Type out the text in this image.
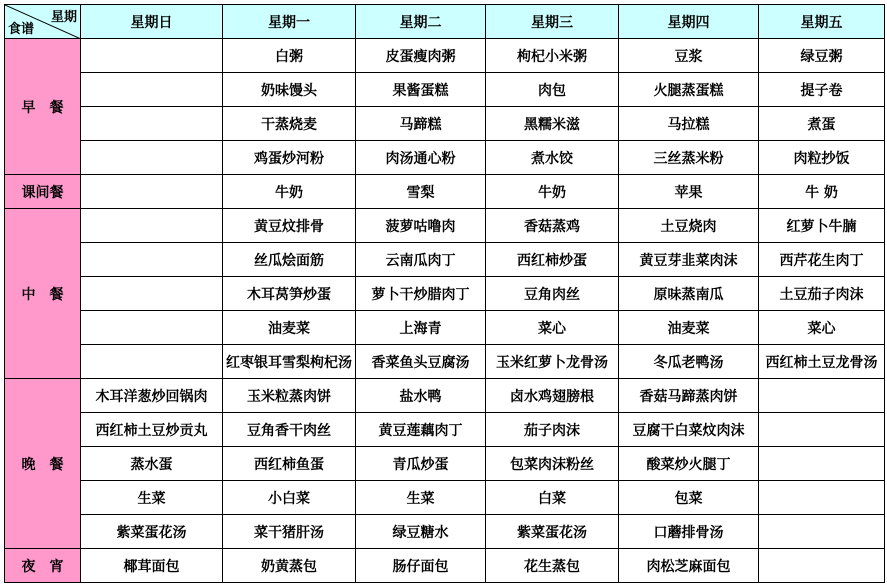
星期
食谱	星期日	星期一	星期二	星期三	星期四	星期五
早　餐		白粥	皮蛋瘦肉粥	枸杞小米粥	豆浆	绿豆粥
		奶味馒头	果酱蛋糕	肉包	火腿蒸蛋糕	提子卷
		干蒸烧麦	马蹄糕	黑糯米滋	马拉糕	煮蛋
		鸡蛋炒河粉	肉汤通心粉	煮水饺	三丝蒸米粉	肉粒抄饭
课间餐		牛奶	雪梨	牛奶	苹果	牛 奶
中　餐		黄豆炆排骨	菠萝咕噜肉	香菇蒸鸡	土豆烧肉	红萝卜牛腩
		丝瓜烩面筋	云南瓜肉丁	西红柿炒蛋	黄豆芽韭菜肉沫	西芹花生肉丁
		木耳莴笋炒蛋	萝卜干炒腊肉丁	豆角肉丝	原味蒸南瓜	土豆茄子肉沫
		油麦菜	上海青	菜心	油麦菜	菜心
		红枣银耳雪梨枸杞汤	香菜鱼头豆腐汤	玉米红萝卜龙骨汤	冬瓜老鸭汤	西红柿土豆龙骨汤
晚　餐	木耳洋葱炒回锅肉	玉米粒蒸肉饼	盐水鸭	卤水鸡翅膀根	香菇马蹄蒸肉饼	
	西红柿土豆炒贡丸	豆角香干肉丝	黄豆莲藕肉丁	茄子肉沫	豆腐干白菜炆肉沫	
	蒸水蛋	西红柿鱼蛋	青瓜炒蛋	包菜肉沫粉丝	酸菜炒火腿丁	
	生菜	小白菜	生菜	白菜	包菜	
	紫菜蛋花汤	菜干猪肝汤	绿豆糖水	紫菜蛋花汤	口蘑排骨汤	
夜　宵	椰茸面包	奶黄蒸包	肠仔面包	花生蒸包	肉松芝麻面包	
